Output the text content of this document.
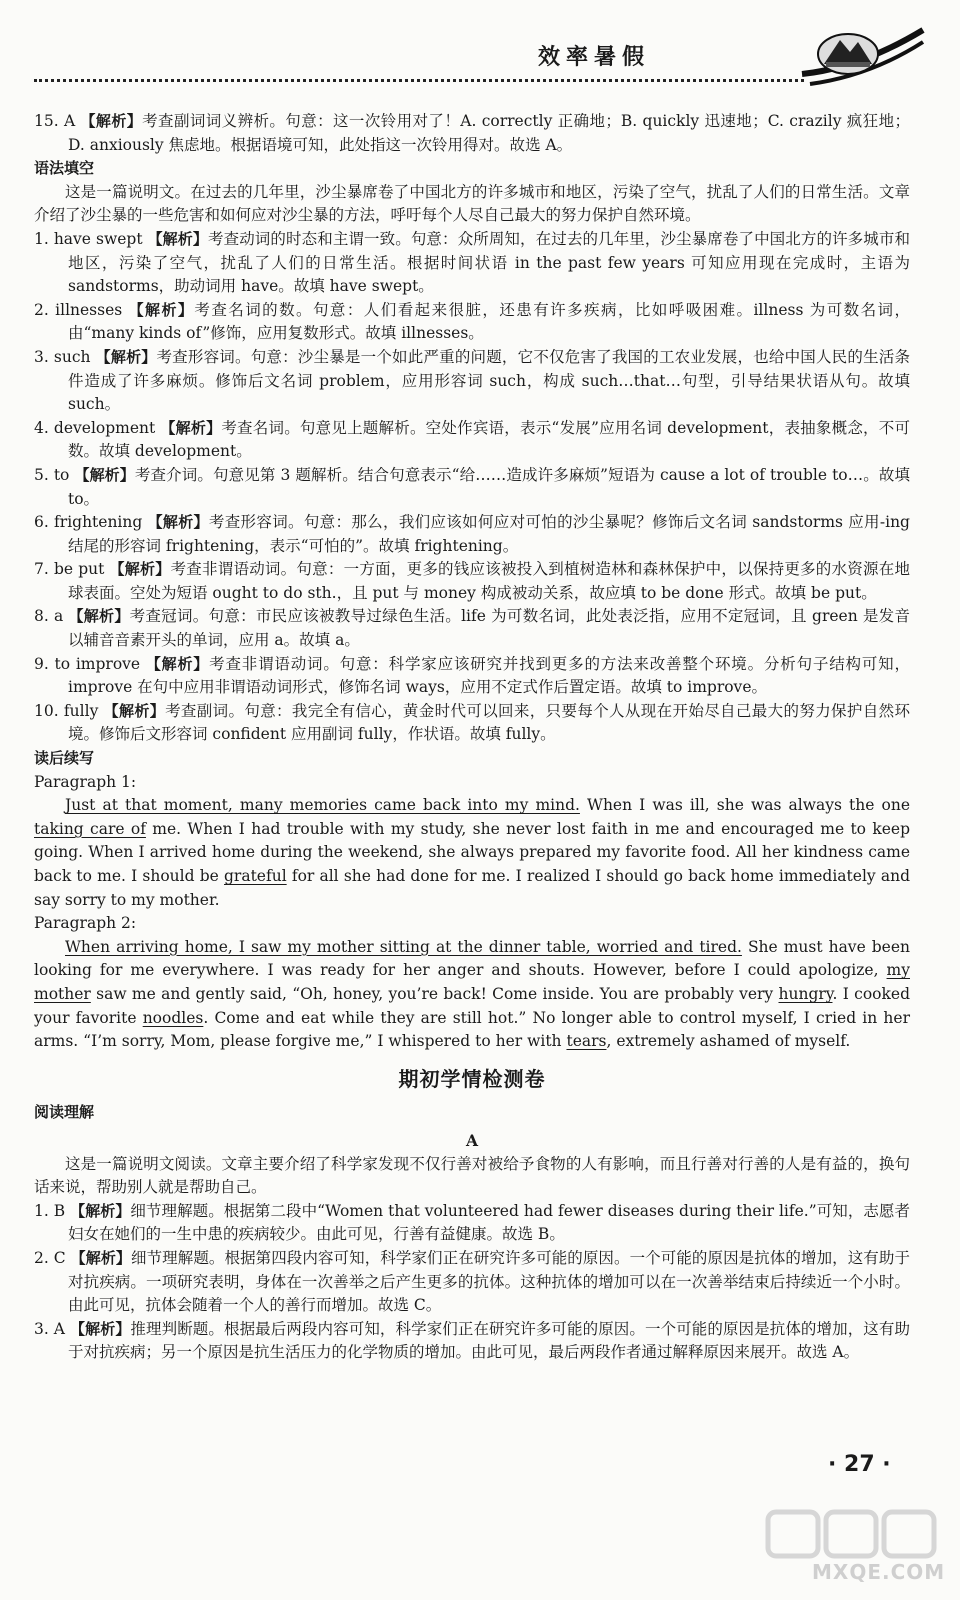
效率暑假

15. A 【解析】考查副词词义辨析。句意：这一次铃用对了！A. correctly 正确地；B. quickly 迅速地；C. crazily 疯狂地；D. anxiously 焦虑地。根据语境可知，此处指这一次铃用得对。故选 A。

语法填空

这是一篇说明文。在过去的几年里，沙尘暴席卷了中国北方的许多城市和地区，污染了空气，扰乱了人们的日常生活。文章介绍了沙尘暴的一些危害和如何应对沙尘暴的方法，呼吁每个人尽自己最大的努力保护自然环境。

1. have swept 【解析】考查动词的时态和主谓一致。句意：众所周知，在过去的几年里，沙尘暴席卷了中国北方的许多城市和地区，污染了空气，扰乱了人们的日常生活。根据时间状语 in the past few years 可知应用现在完成时，主语为 sandstorms，助动词用 have。故填 have swept。

2. illnesses 【解析】考查名词的数。句意：人们看起来很脏，还患有许多疾病，比如呼吸困难。illness 为可数名词，由“many kinds of”修饰，应用复数形式。故填 illnesses。

3. such 【解析】考查形容词。句意：沙尘暴是一个如此严重的问题，它不仅危害了我国的工农业发展，也给中国人民的生活条件造成了许多麻烦。修饰后文名词 problem，应用形容词 such，构成 such…that…句型，引导结果状语从句。故填 such。

4. development 【解析】考查名词。句意见上题解析。空处作宾语，表示“发展”应用名词 development，表抽象概念，不可数。故填 development。

5. to 【解析】考查介词。句意见第 3 题解析。结合句意表示“给……造成许多麻烦”短语为 cause a lot of trouble to…。故填 to。

6. frightening 【解析】考查形容词。句意：那么，我们应该如何应对可怕的沙尘暴呢？修饰后文名词 sandstorms 应用-ing 结尾的形容词 frightening，表示“可怕的”。故填 frightening。

7. be put 【解析】考查非谓语动词。句意：一方面，更多的钱应该被投入到植树造林和森林保护中，以保持更多的水资源在地球表面。空处为短语 ought to do sth.，且 put 与 money 构成被动关系，故应填 to be done 形式。故填 be put。

8. a 【解析】考查冠词。句意：市民应该被教导过绿色生活。life 为可数名词，此处表泛指，应用不定冠词，且 green 是发音以辅音音素开头的单词，应用 a。故填 a。

9. to improve 【解析】考查非谓语动词。句意：科学家应该研究并找到更多的方法来改善整个环境。分析句子结构可知，improve 在句中应用非谓语动词形式，修饰名词 ways，应用不定式作后置定语。故填 to improve。

10. fully 【解析】考查副词。句意：我完全有信心，黄金时代可以回来，只要每个人从现在开始尽自己最大的努力保护自然环境。修饰后文形容词 confident 应用副词 fully，作状语。故填 fully。

读后续写

Paragraph 1:

Just at that moment, many memories came back into my mind. When I was ill, she was always the one taking care of me. When I had trouble with my study, she never lost faith in me and encouraged me to keep going. When I arrived home during the weekend, she always prepared my favorite food. All her kindness came back to me. I should be grateful for all she had done for me. I realized I should go back home immediately and say sorry to my mother.

Paragraph 2:

When arriving home, I saw my mother sitting at the dinner table, worried and tired. She must have been looking for me everywhere. I was ready for her anger and shouts. However, before I could apologize, my mother saw me and gently said, “Oh, honey, you’re back! Come inside. You are probably very hungry. I cooked your favorite noodles. Come and eat while they are still hot.” No longer able to control myself, I cried in her arms. “I’m sorry, Mom, please forgive me,” I whispered to her with tears, extremely ashamed of myself.

期初学情检测卷

阅读理解

A

这是一篇说明文阅读。文章主要介绍了科学家发现不仅行善对被给予食物的人有影响，而且行善对行善的人是有益的，换句话来说，帮助别人就是帮助自己。

1. B 【解析】细节理解题。根据第二段中“Women that volunteered had fewer diseases during their life.”可知，志愿者妇女在她们的一生中患的疾病较少。由此可见，行善有益健康。故选 B。

2. C 【解析】细节理解题。根据第四段内容可知，科学家们正在研究许多可能的原因。一个可能的原因是抗体的增加，这有助于对抗疾病。一项研究表明，身体在一次善举之后产生更多的抗体。这种抗体的增加可以在一次善举结束后持续近一个小时。由此可见，抗体会随着一个人的善行而增加。故选 C。

3. A 【解析】推理判断题。根据最后两段内容可知，科学家们正在研究许多可能的原因。一个可能的原因是抗体的增加，这有助于对抗疾病；另一个原因是抗生活压力的化学物质的增加。由此可见，最后两段作者通过解释原因来展开。故选 A。

· 27 ·
MXQE.COM
